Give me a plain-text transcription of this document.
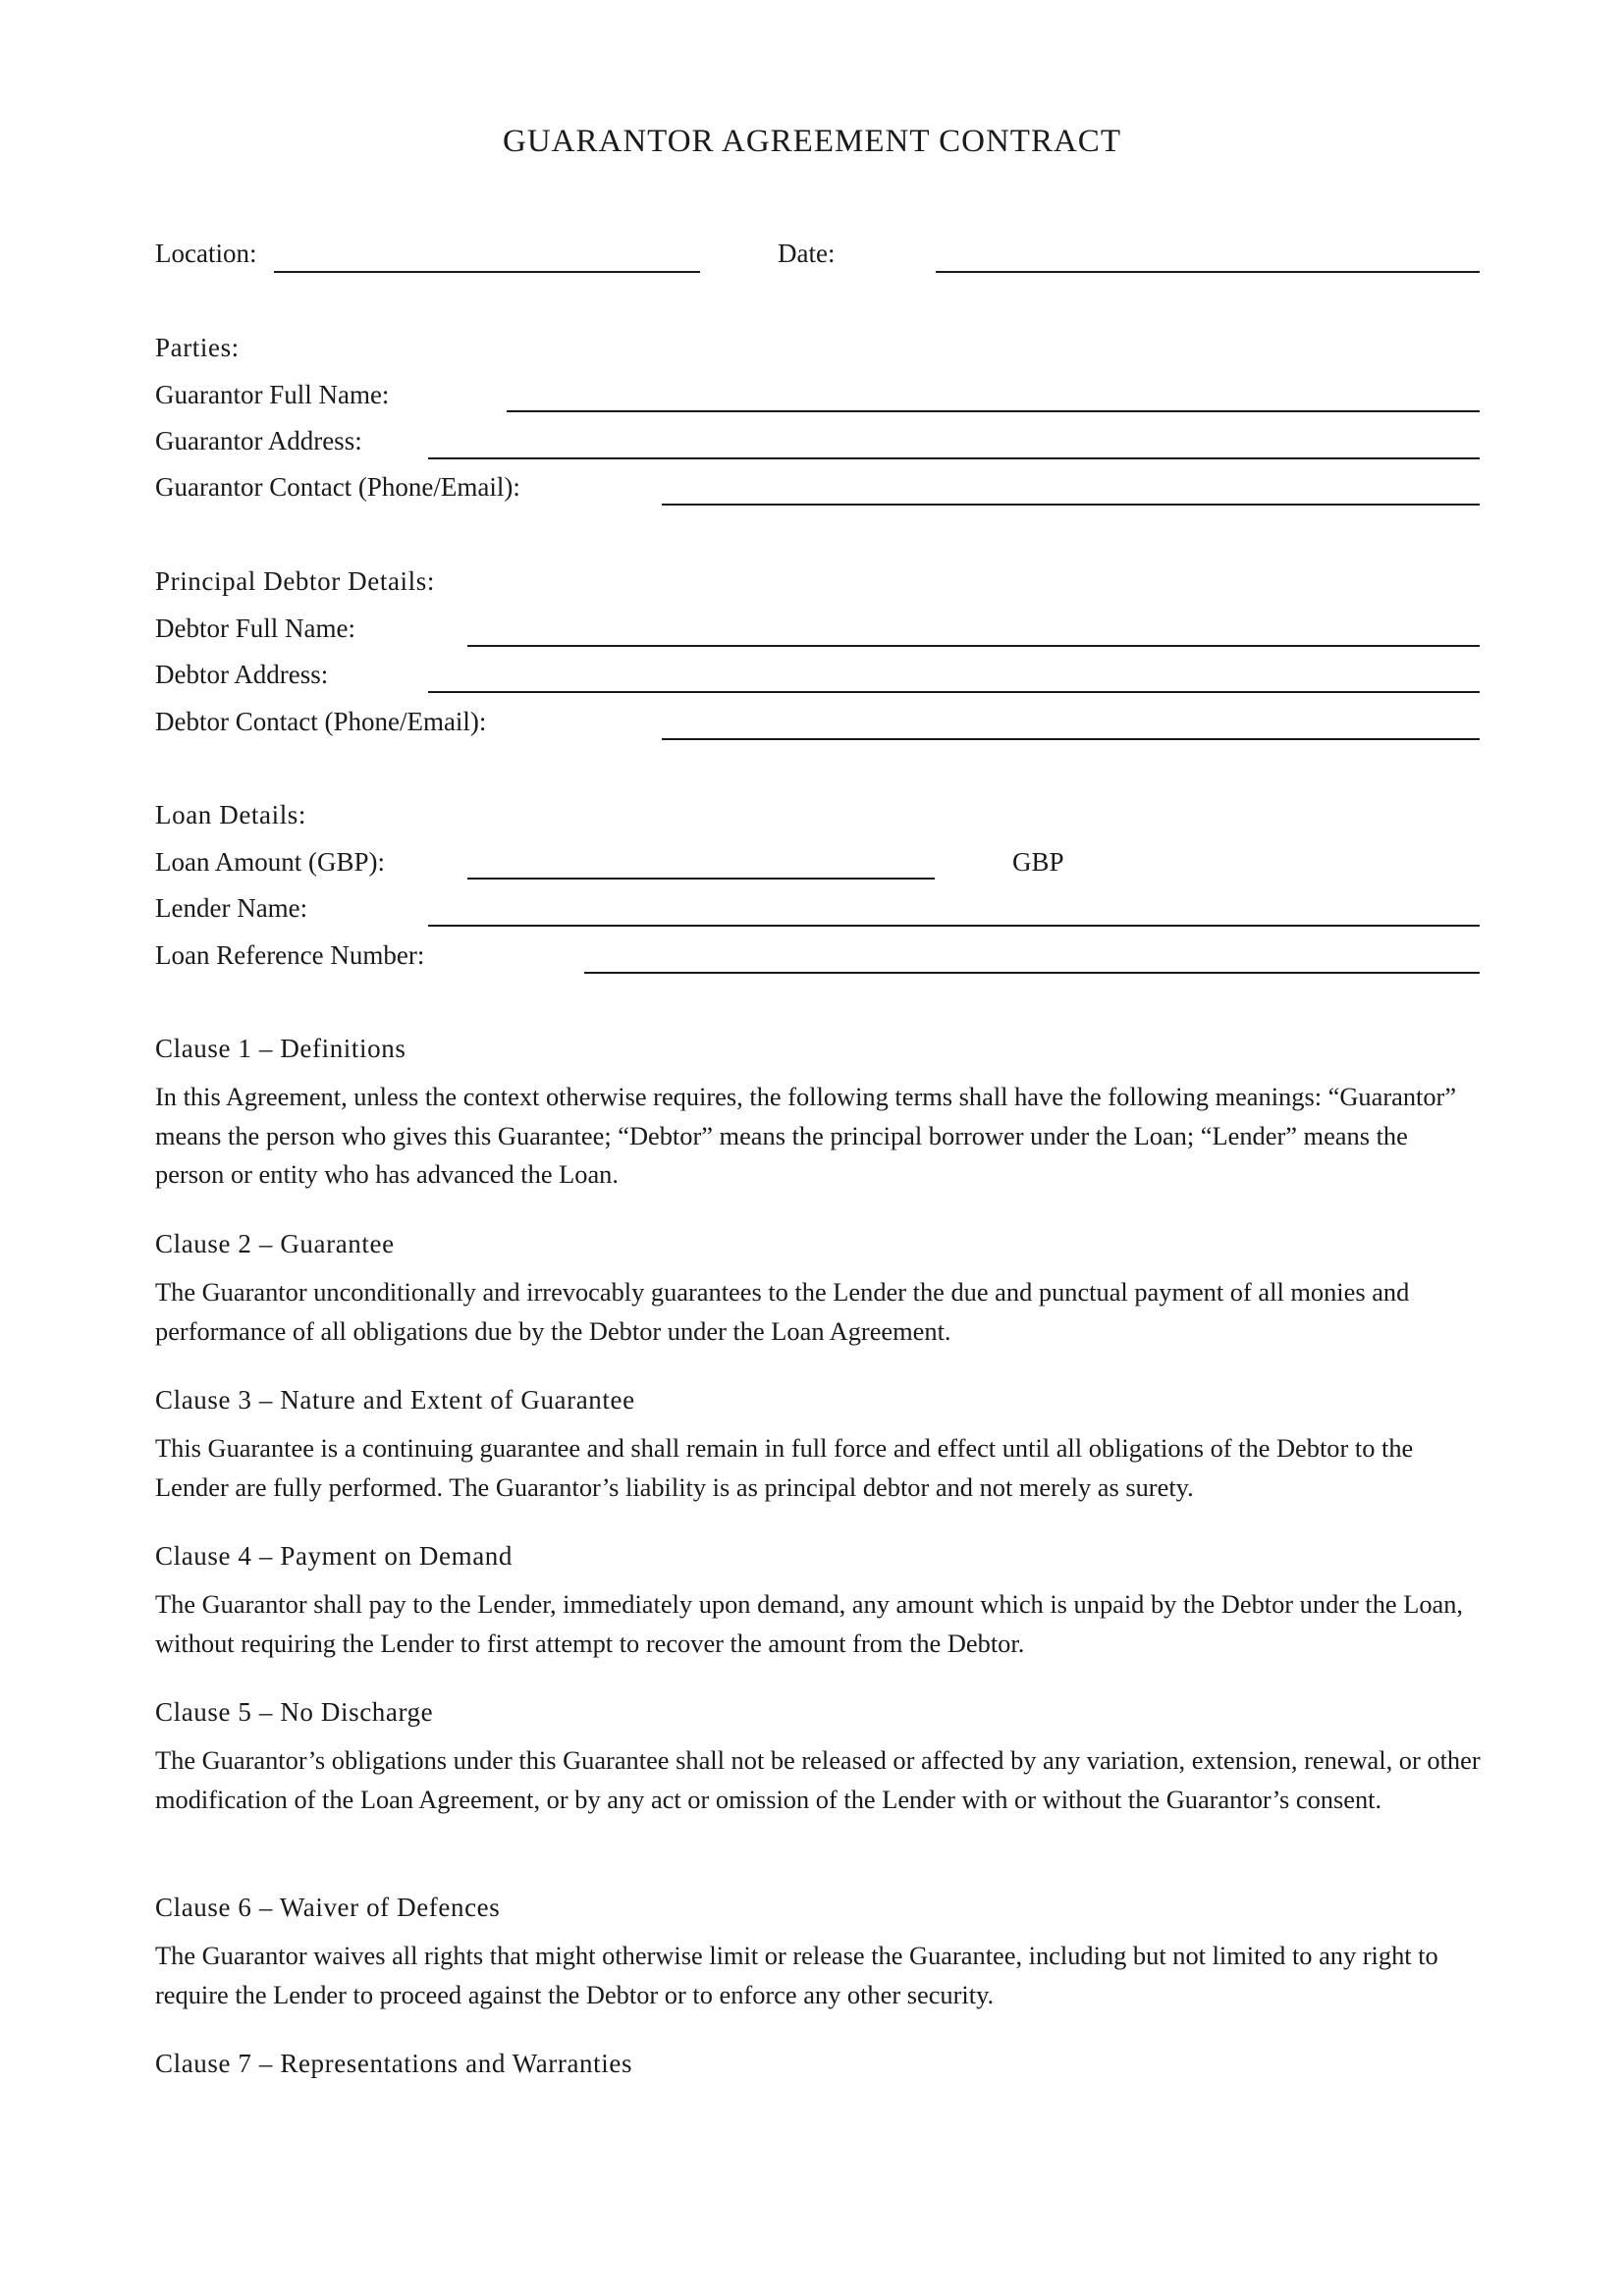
GUARANTOR AGREEMENT CONTRACT
Location:	Date:
Parties:
Guarantor Full Name:
Guarantor Address:
Guarantor Contact (Phone/Email):
Principal Debtor Details:
Debtor Full Name:
Debtor Address:
Debtor Contact (Phone/Email):
Loan Details:
Loan Amount (GBP):	GBP
Lender Name:
Loan Reference Number:
Clause 1 – Definitions
In this Agreement, unless the context otherwise requires, the following terms shall have the following meanings: “Guarantor” means the person who gives this Guarantee; “Debtor” means the principal borrower under the Loan; “Lender” means the person or entity who has advanced the Loan.
Clause 2 – Guarantee
The Guarantor unconditionally and irrevocably guarantees to the Lender the due and punctual payment of all monies and performance of all obligations due by the Debtor under the Loan Agreement.
Clause 3 – Nature and Extent of Guarantee
This Guarantee is a continuing guarantee and shall remain in full force and effect until all obligations of the Debtor to the Lender are fully performed. The Guarantor’s liability is as principal debtor and not merely as surety.
Clause 4 – Payment on Demand
The Guarantor shall pay to the Lender, immediately upon demand, any amount which is unpaid by the Debtor under the Loan, without requiring the Lender to first attempt to recover the amount from the Debtor.
Clause 5 – No Discharge
The Guarantor’s obligations under this Guarantee shall not be released or affected by any variation, extension, renewal, or other modification of the Loan Agreement, or by any act or omission of the Lender with or without the Guarantor’s consent.
Clause 6 – Waiver of Defences
The Guarantor waives all rights that might otherwise limit or release the Guarantee, including but not limited to any right to require the Lender to proceed against the Debtor or to enforce any other security.
Clause 7 – Representations and Warranties
